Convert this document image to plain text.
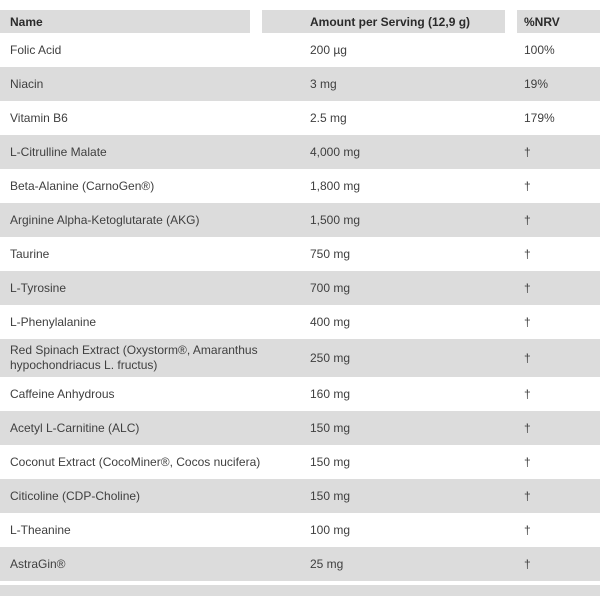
Name	Amount per Serving (12,9 g)	%NRV
Folic Acid	200 µg	100%
Niacin	3 mg	19%
Vitamin B6	2.5 mg	179%
L-Citrulline Malate	4,000 mg	†
Beta-Alanine (CarnoGen®)	1,800 mg	†
Arginine Alpha-Ketoglutarate (AKG)	1,500 mg	†
Taurine	750 mg	†
L-Tyrosine	700 mg	†
L-Phenylalanine	400 mg	†
Red Spinach Extract (Oxystorm®, Amaranthus hypochondriacus L. fructus)	250 mg	†
Caffeine Anhydrous	160 mg	†
Acetyl L-Carnitine (ALC)	150 mg	†
Coconut Extract (CocoMiner®, Cocos nucifera)	150 mg	†
Citicoline (CDP-Choline)	150 mg	†
L-Theanine	100 mg	†
AstraGin®	25 mg	†
